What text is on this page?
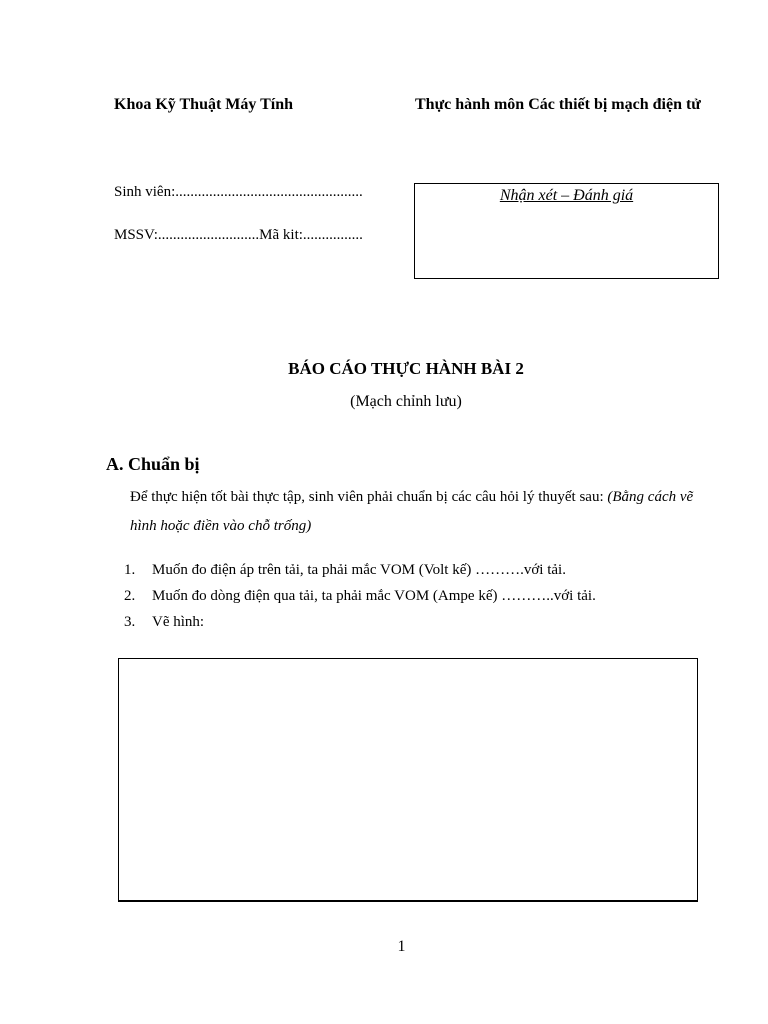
Khoa Kỹ Thuật Máy Tính	Thực hành môn Các thiết bị mạch điện tử
Sinh viên:..................................................
MSSV:...........................Mã kit:................
Nhận xét – Đánh giá
BÁO CÁO THỰC HÀNH BÀI 2
(Mạch chỉnh lưu)
A. Chuẩn bị
Để thực hiện tốt bài thực tập, sinh viên phải chuẩn bị các câu hỏi lý thuyết sau: (Bằng cách vẽ hình hoặc điền vào chỗ trống)
1.	Muốn đo điện áp trên tải, ta phải mắc VOM (Volt kế) ……….với tải.
2.	Muốn đo dòng điện qua tải, ta phải mắc VOM (Ampe kế) ………..với tải.
3.	Vẽ hình:
1
